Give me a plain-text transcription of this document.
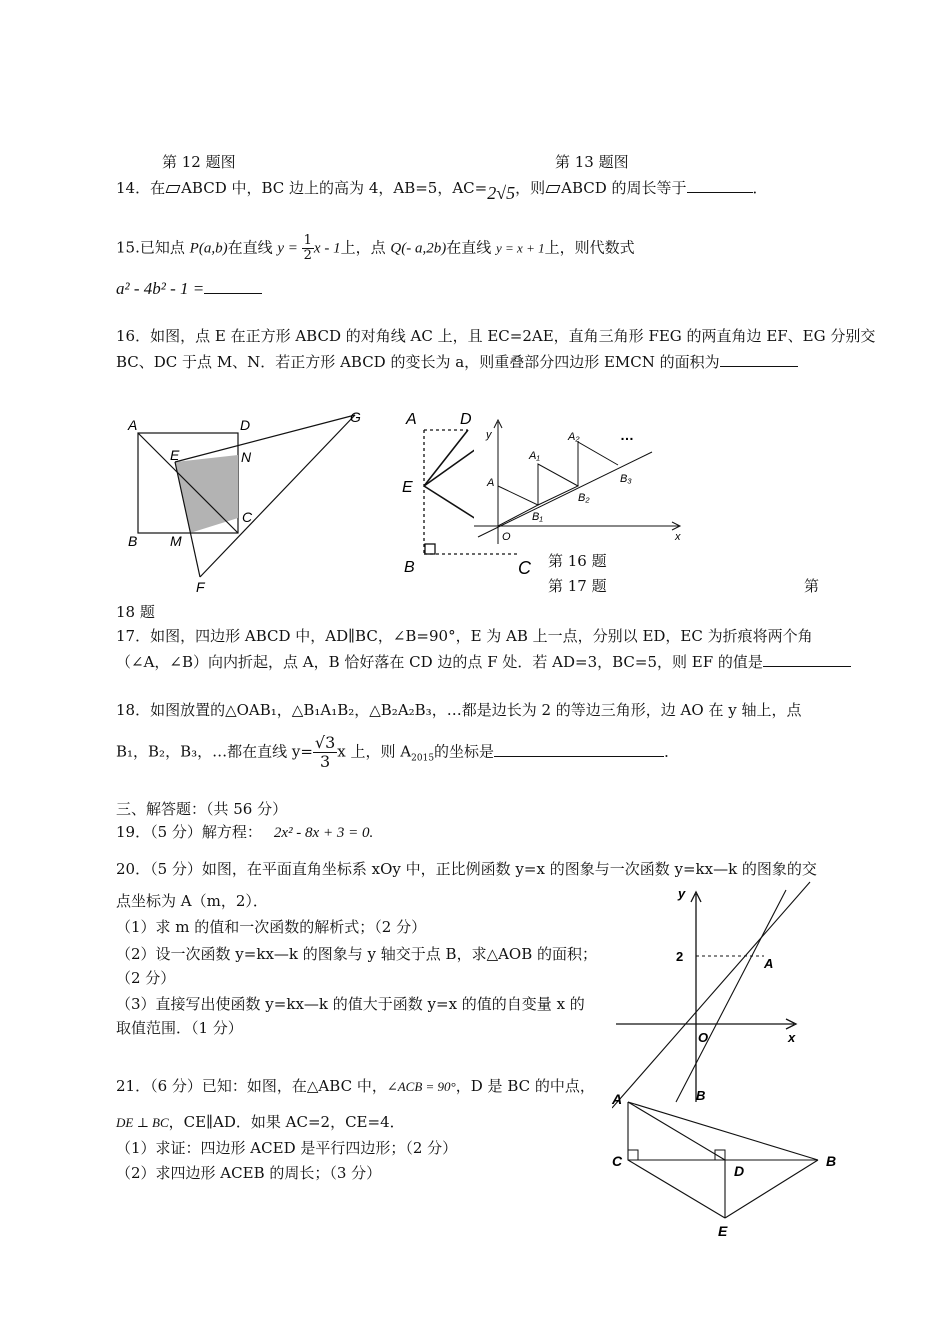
第 12 题图	第 13 题图
14．在 ABCD 中，BC 边上的高为 4，AB=5，AC=2√5，则 ABCD 的周长等于	．
15.已知点 P(a,b)在直线 $y = \frac{1}{2}$ x - 1上，点 Q(- a,2b)在直线 y = x + 1上，则代数式
a² - 4b² - 1 =
16．如图，点 E 在正方形 ABCD 的对角线 AC 上，且 EC=2AE，直角三角形 FEG 的两直角边 EF、EG 分别交
BC、DC 于点 M、N．若正方形 ABCD 的变长为 a，则重叠部分四边形 EMCN 的面积为
A	D	G
E	N
C
B M
F
A	D
E
B	C
y
x
O
A
A₁
A₂
B₁
B₂
B₃
…
第 16 题
第 17 题	第
18 题
17．如图，四边形 ABCD 中，AD∥BC，∠B=90°，E 为 AB 上一点，分别以 ED，EC 为折痕将两个角
（∠A，∠B）向内折起，点 A，B 恰好落在 CD 边的点 F 处．若 AD=3，BC=5，则 EF 的值是
18．如图放置的△OAB₁，△B₁A₁B₂，△B₂A₂B₃，…都是边长为 2 的等边三角形，边 AO 在 y 轴上，点
B₁，B₂，B₃，…都在直线 $y= \frac{√3}{3}$ x 上，则 $A_{2015}$的坐标是	．
三、解答题：（共 56 分）
19．（5 分）解方程： 2x² - 8x + 3 = 0.
20．（5 分）如图，在平面直角坐标系 xOy 中，正比例函数 y=x 的图象与一次函数 y=kx—k 的图象的交
点坐标为 A（m，2）．
（1）求 m 的值和一次函数的解析式；（2 分）
（2）设一次函数 y=kx—k 的图象与 y 轴交于点 B，求△AOB 的面积；
（2 分）
（3）直接写出使函数 y=kx—k 的值大于函数 y=x 的值的自变量 x 的
取值范围．（1 分）
21．（6 分）已知：如图，在△ABC 中，∠ACB = 90°，D 是 BC 的中点，
DE ⊥ BC，CE∥AD．如果 AC=2，CE=4．
（1）求证：四边形 ACED 是平行四边形；（2 分）
（2）求四边形 ACEB 的周长；（3 分）
y
x
O
2	A
B
A
C
D
B
E
